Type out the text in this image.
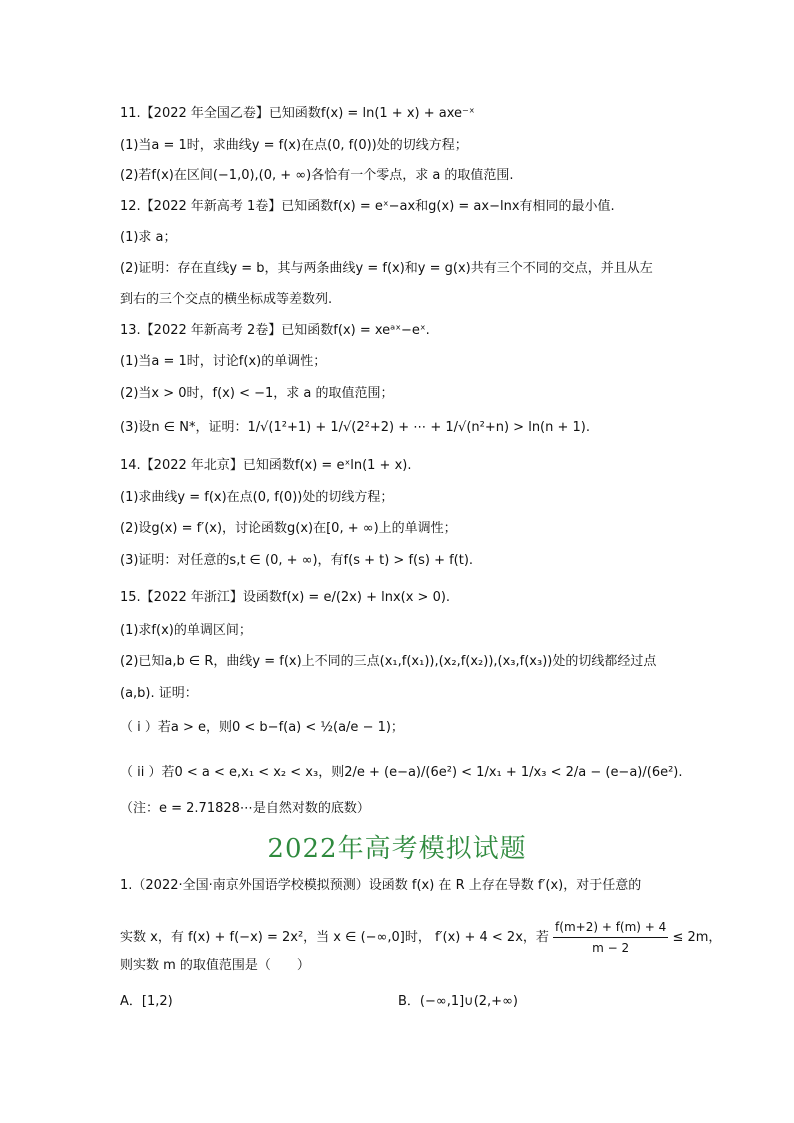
11.【2022 年全国乙卷】已知函数f(x) = ln(1 + x) + axe⁻ˣ
(1)当a = 1时，求曲线y = f(x)在点(0, f(0))处的切线方程；
(2)若f(x)在区间(−1,0),(0, + ∞)各恰有一个零点，求 a 的取值范围.
12.【2022 年新高考 1卷】已知函数f(x) = eˣ−ax和g(x) = ax−lnx有相同的最小值.
(1)求 a；
(2)证明：存在直线y = b，其与两条曲线y = f(x)和y = g(x)共有三个不同的交点，并且从左
到右的三个交点的横坐标成等差数列.
13.【2022 年新高考 2卷】已知函数f(x) = xeᵃˣ−eˣ.
(1)当a = 1时，讨论f(x)的单调性；
(2)当x > 0时，f(x) < −1，求 a 的取值范围；
(3)设n ∈ N*，证明：1/√(1²+1) + 1/√(2²+2) + ⋯ + 1/√(n²+n) > ln(n + 1).
14.【2022 年北京】已知函数f(x) = eˣln(1 + x).
(1)求曲线y = f(x)在点(0, f(0))处的切线方程；
(2)设g(x) = f′(x)，讨论函数g(x)在[0, + ∞)上的单调性；
(3)证明：对任意的s,t ∈ (0, + ∞)，有f(s + t) > f(s) + f(t).
15.【2022 年浙江】设函数f(x) = e/(2x) + lnx(x > 0).
(1)求f(x)的单调区间；
(2)已知a,b ∈ R，曲线y = f(x)上不同的三点(x₁,f(x₁)),(x₂,f(x₂)),(x₃,f(x₃))处的切线都经过点
(a,b). 证明：
（ i ）若a > e，则0 < b−f(a) < ½(a/e − 1)；
（ ii ）若0 < a < e,x₁ < x₂ < x₃，则2/e + (e−a)/(6e²) < 1/x₁ + 1/x₃ < 2/a − (e−a)/(6e²).
（注：e = 2.71828⋯是自然对数的底数）
2022年高考模拟试题
1.（2022·全国·南京外国语学校模拟预测）设函数 f(x) 在 R 上存在导数 f′(x)，对于任意的
实数 x，有 f(x) + f(−x) = 2x²，当 x ∈ (−∞,0]时， f′(x) + 4 < 2x，若 $\frac{f(m+2) + f(m) + 4}{m - 2} \le 2m$，
则实数 m 的取值范围是（　　）
A．[1,2)	B．(−∞,1]∪(2,+∞)
